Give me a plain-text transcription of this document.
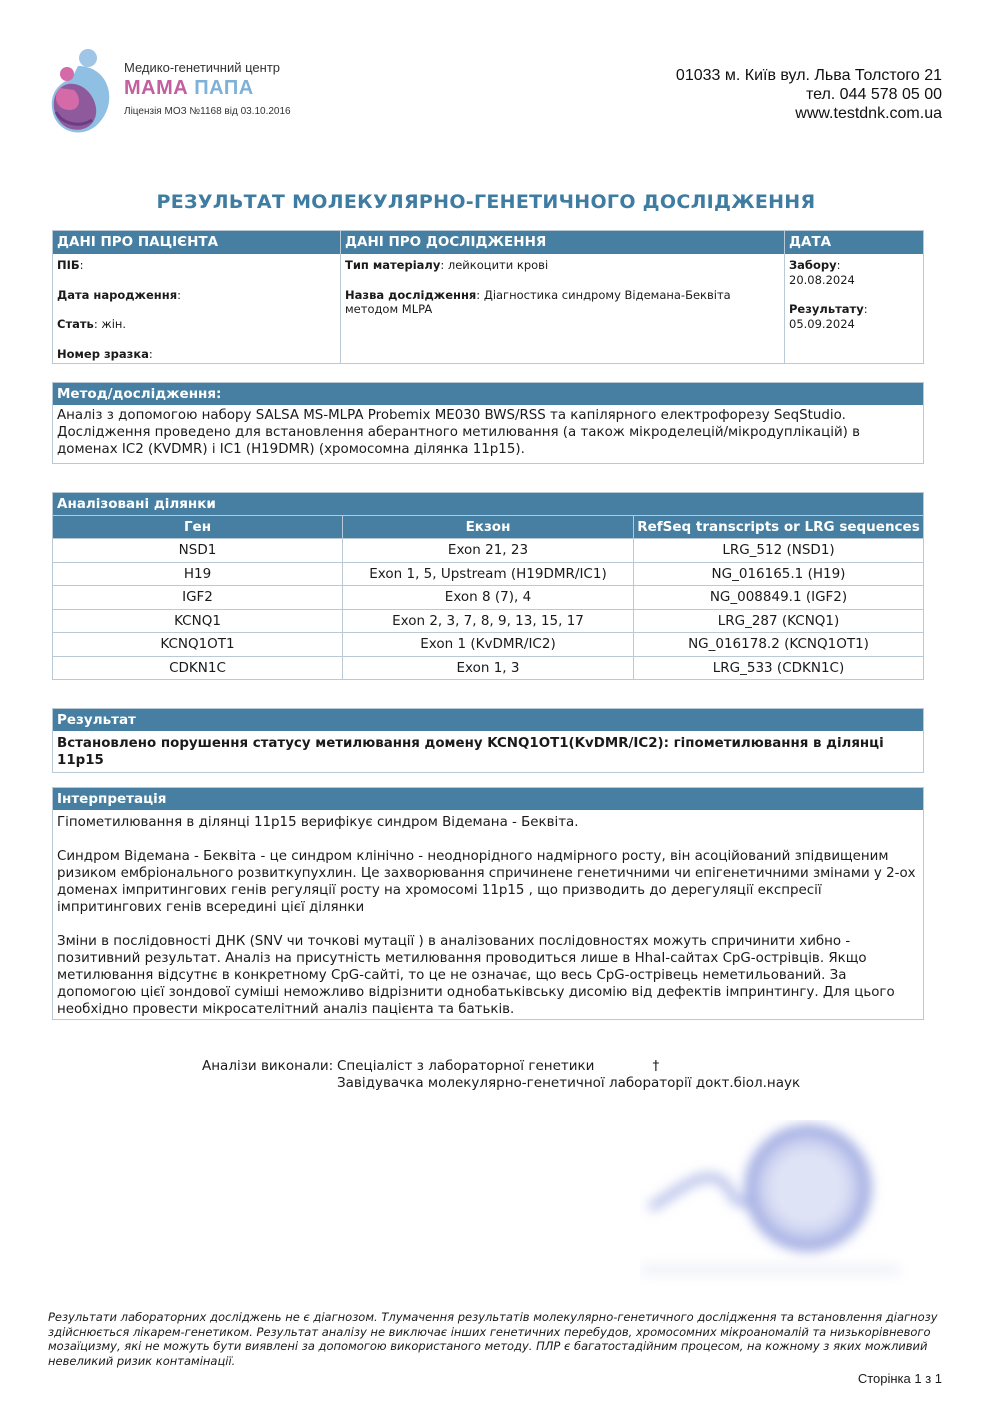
Медико-генетичний центр
МАМА ПАПА
Ліцензія МОЗ №1168 від 03.10.2016
01033 м. Київ вул. Льва Толстого 21
тел. 044 578 05 00
www.testdnk.com.ua
РЕЗУЛЬТАТ МОЛЕКУЛЯРНО-ГЕНЕТИЧНОГО ДОСЛІДЖЕННЯ
ДАНІ ПРО ПАЦІЄНТА
ПІБ:
Дата народження:
Стать: жін.
Номер зразка:
ДАНІ ПРО ДОСЛІДЖЕННЯ
Тип матеріалу: лейкоцити крові
Назва дослідження: Діагностика синдрому Відемана-Беквіта методом MLPA
ДАТА
Забору:
20.08.2024
Результату:
05.09.2024
Метод/дослідження:
Аналіз з допомогою набору SALSA MS-MLPA Probemix ME030 BWS/RSS та капілярного електрофорезу SeqStudio. Дослідження проведено для встановлення аберантного метилювання (а також мікроделецій/мікродуплікацій) в доменах IC2 (KVDMR) і IC1 (H19DMR) (хромосомна ділянка 11p15).
Аналізовані ділянки		
Ген	Екзон	RefSeq transcripts or LRG sequences
NSD1	Exon 21, 23	LRG_512 (NSD1)
H19	Exon 1, 5, Upstream (H19DMR/IC1)	NG_016165.1 (H19)
IGF2	Exon 8 (7), 4	NG_008849.1 (IGF2)
KCNQ1	Exon 2, 3, 7, 8, 9, 13, 15, 17	LRG_287 (KCNQ1)
KCNQ1OT1	Exon 1 (KvDMR/IC2)	NG_016178.2 (KCNQ1OT1)
CDKN1C	Exon 1, 3	LRG_533 (CDKN1C)
Результат
Встановлено порушення статусу метилювання домену KCNQ1OT1(KvDMR/IC2): гіпометилювання в ділянці 11p15
Інтерпретація

Гіпометилювання в ділянці 11p15 верифікує синдром Відемана - Беквіта.

Синдром Відемана - Беквіта - це синдром клінічно - неоднорідного надмірного росту, він асоційований зпідвищеним ризиком ембріонального розвиткупухлин. Це захворювання спричинене генетичними чи епігенетичними змінами у 2-ох доменах імпритингових генів регуляції росту на хромосомі 11p15 , що призводить до дерегуляції експресії імпритингових генів всередині цієї ділянки

Зміни в послідовності ДНК (SNV чи точкові мутації ) в аналізованих послідовностях можуть спричинити хибно - позитивний результат. Аналіз на присутність метилювання проводиться лише в HhaI-сайтах CpG-острівців. Якщо метилювання відсутнє в конкретному CpG-сайті, то це не означає, що весь CpG-острівець неметильований. За допомогою цієї зондової суміші неможливо відрізнити однобатьківську дисомію від дефектів імпринтингу. Для цього необхідно провести мікросателітний аналіз пацієнта та батьків.

Аналізи виконали: Спеціаліст з лабораторної генетики	†
Завідувачка молекулярно-генетичної лабораторії докт.біол.наук
Результати лабораторних досліджень не є діагнозом. Тлумачення результатів молекулярно-генетичного дослідження та встановлення діагнозу здійснюється лікарем-генетиком. Результат аналізу не виключає інших генетичних перебудов, хромосомних мікроаномалій та низькорівневого мозаїцизму, які не можуть бути виявлені за допомогою використаного методу. ПЛР є багатостадійним процесом, на кожному з яких можливий невеликий ризик контамінації.
Сторінка 1 з 1
